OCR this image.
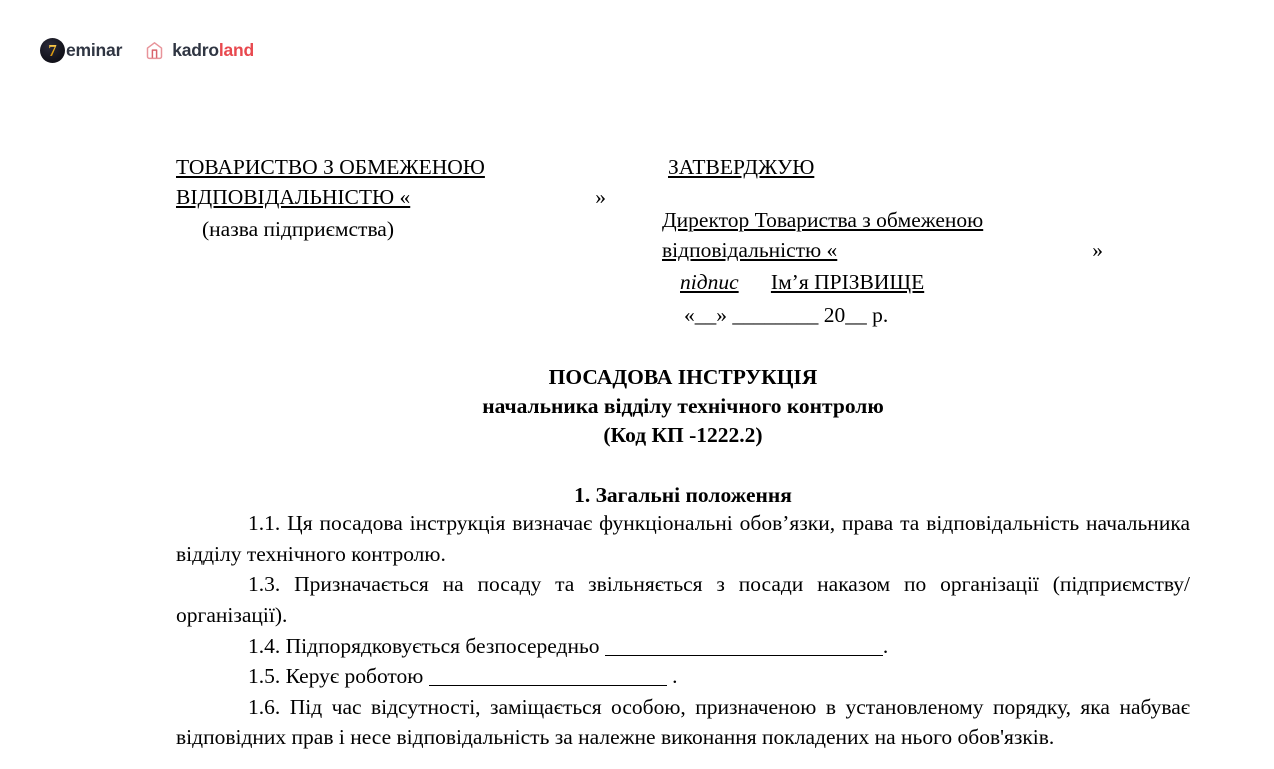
7 eminar	kadroland
ТОВАРИСТВО З ОБМЕЖЕНОЮ
ВІДПОВІДАЛЬНІСТЮ «	»
(назва підприємства)
ЗАТВЕРДЖУЮ
Директор Товариства з обмеженою
відповідальністю «	»
підпис Ім’я ПРІЗВИЩЕ
«__» ________ 20__ р.
ПОСАДОВА ІНСТРУКЦІЯ
начальника відділу технічного контролю
(Код КП -1222.2)
1. Загальні положення

1.1. Ця посадова інструкція визначає функціональні обов’язки, права та відповідальність начальника відділу технічного контролю.

1.3. Призначається на посаду та звільняється з посади наказом по організації (підприємству/організації).

1.4. Підпорядковується безпосередньо	.

1.5. Керує роботою	.

1.6. Під час відсутності, заміщається особою, призначеною в установленому порядку, яка набуває відповідних прав і несе відповідальність за належне виконання покладених на нього обов'язків.
